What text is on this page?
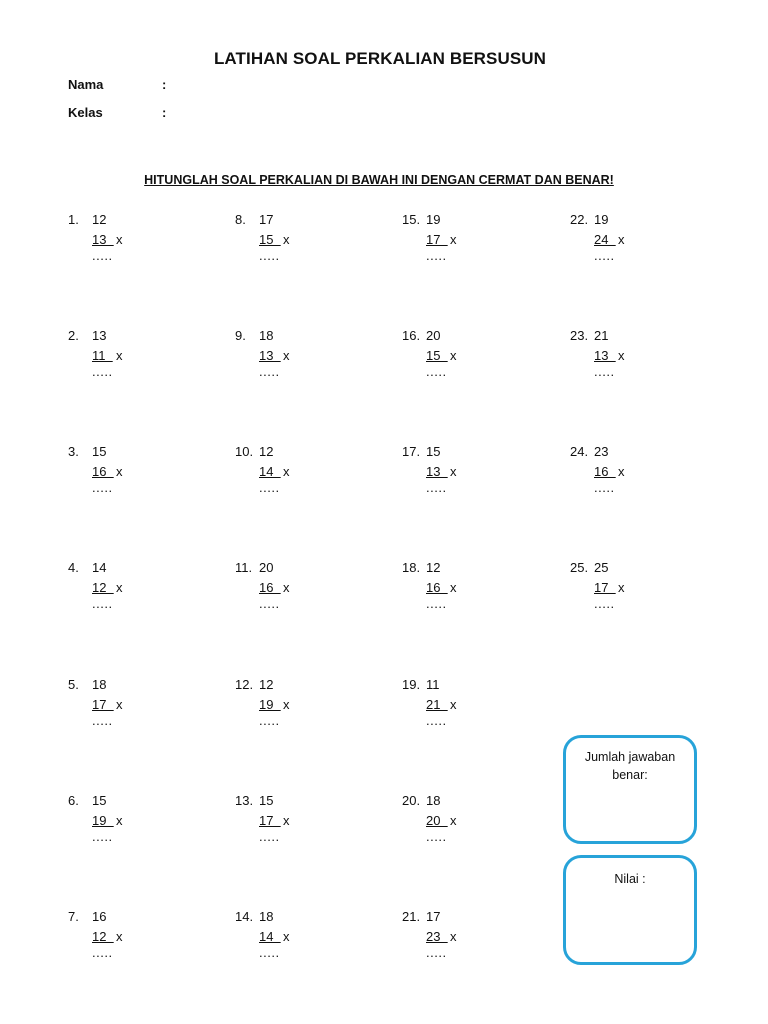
LATIHAN SOAL PERKALIAN BERSUSUN
Nama	:
Kelas	:
HITUNGLAH SOAL PERKALIAN DI BAWAH INI DENGAN CERMAT DAN BENAR!
1. 12
13 x
.....
2. 13
11 x
.....
3. 15
16 x
.....
4. 14
12 x
.....
5. 18
17 x
.....
6. 15
19 x
.....
7. 16
12 x
.....
8. 17
15 x
.....
9. 18
13 x
.....
10. 12
14 x
.....
11. 20
16 x
.....
12. 12
19 x
.....
13. 15
17 x
.....
14. 18
14 x
.....
15. 19
17 x
.....
16. 20
15 x
.....
17. 15
13 x
.....
18. 12
16 x
.....
19. 11
21 x
.....
20. 18
20 x
.....
21. 17
23 x
.....
22. 19
24 x
.....
23. 21
13 x
.....
24. 23
16 x
.....
25. 25
17 x
.....
Jumlah jawaban benar:
Nilai :
